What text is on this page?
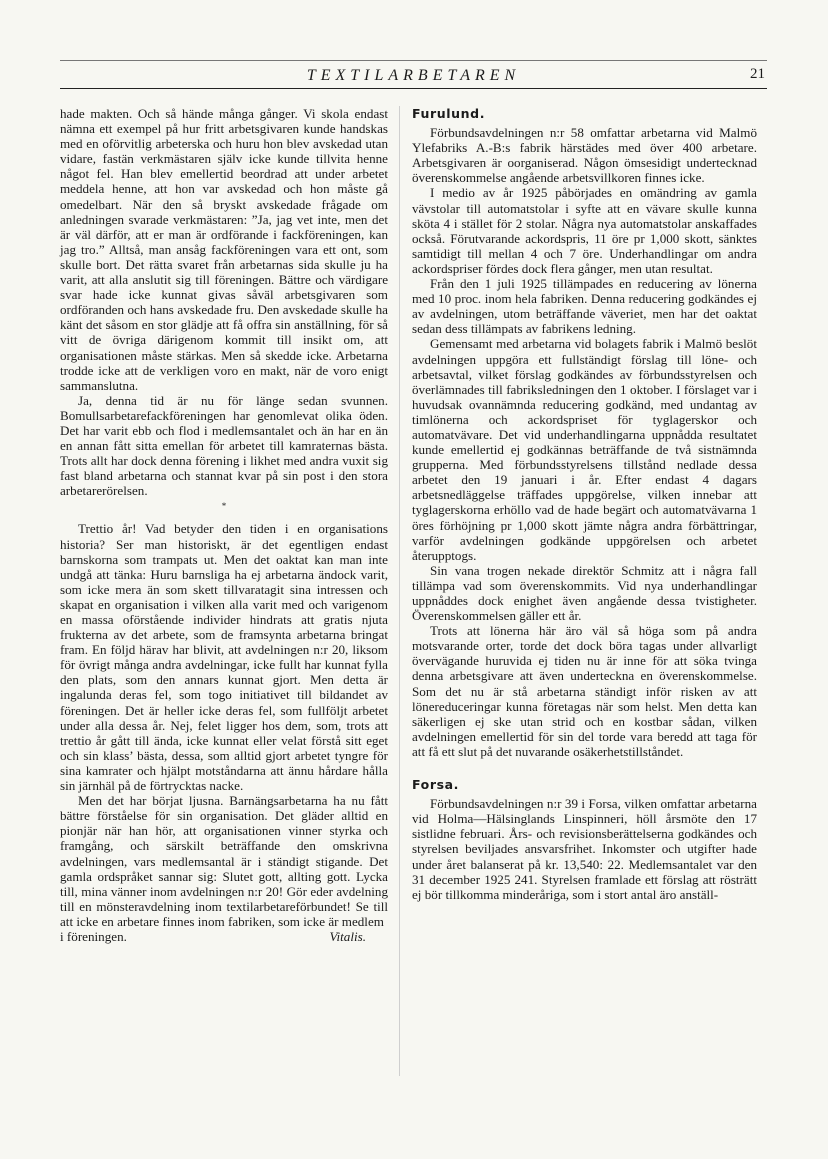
TEXTILARBETAREN	21

hade makten. Och så hände många gånger. Vi skola endast nämna ett exempel på hur fritt arbetsgivaren kunde handskas med en oförvitlig arbeterska och huru hon blev avskedad utan vidare, fastän verkmästaren själv icke kunde tillvita henne något fel. Han blev emellertid beordrad att under arbetet meddela henne, att hon var avskedad och hon måste gå omedelbart. När den så bryskt avskedade frågade om anledningen svarade verkmästaren: ”Ja, jag vet inte, men det är väl därför, att er man är ordförande i fackföreningen, kan jag tro.” Alltså, man ansåg fackföreningen vara ett ont, som skulle bort. Det rätta svaret från arbetarnas sida skulle ju ha varit, att alla anslutit sig till föreningen. Bättre och värdigare svar hade icke kunnat givas såväl arbetsgivaren som ordföranden och hans avskedade fru. Den avskedade skulle ha känt det såsom en stor glädje att få offra sin anställning, för så vitt de övriga därigenom kommit till insikt om, att organisationen måste stärkas. Men så skedde icke. Arbetarna trodde icke att de verkligen voro en makt, när de voro enigt sammanslutna.

Ja, denna tid är nu för länge sedan svunnen. Bomullsarbetarefackföreningen har genomlevat olika öden. Det har varit ebb och flod i medlemsantalet och än har en än en annan fått sitta emellan för arbetet till kamraternas bästa. Trots allt har dock denna förening i likhet med andra vuxit sig fast bland arbetarna och stannat kvar på sin post i den stora arbetarerörelsen.

*

Trettio år! Vad betyder den tiden i en organisations historia? Ser man historiskt, är det egentligen endast barnskorna som trampats ut. Men det oaktat kan man inte undgå att tänka: Huru barnsliga ha ej arbetarna ändock varit, som icke mera än som skett tillvaratagit sina intressen och skapat en organisation i vilken alla varit med och varigenom en massa oförstående individer hindrats att gratis njuta frukterna av det arbete, som de framsynta arbetarna bringat fram. En följd härav har blivit, att avdelningen n:r 20, liksom för övrigt många andra avdelningar, icke fullt har kunnat fylla den plats, som den annars kunnat gjort. Men detta är ingalunda deras fel, som togo initiativet till bildandet av föreningen. Det är heller icke deras fel, som fullföljt arbetet under alla dessa år. Nej, felet ligger hos dem, som, trots att trettio år gått till ända, icke kunnat eller velat förstå sitt eget och sin klass’ bästa, dessa, som alltid gjort arbetet tyngre för sina kamrater och hjälpt motståndarna att ännu hårdare hålla sin järnhäl på de förtrycktas nacke.

Men det har börjat ljusna. Barnängsarbetarna ha nu fått bättre förståelse för sin organisation. Det gläder alltid en pionjär när han hör, att organisationen vinner styrka och framgång, och särskilt beträffande den omskrivna avdelningen, vars medlemsantal är i ständigt stigande. Det gamla ordspråket sannar sig: Slutet gott, allting gott. Lycka till, mina vänner inom avdelningen n:r 20! Gör eder avdelning till en mönsteravdelning inom textilarbetareförbundet! Se till att icke en arbetare finnes inom fabriken, som icke är medlem

i föreningen.	Vitalis.
Furulund.

Förbundsavdelningen n:r 58 omfattar arbetarna vid Malmö Ylefabriks A.-B:s fabrik härstädes med över 400 arbetare. Arbetsgivaren är oorganiserad. Någon ömsesidigt undertecknad överenskommelse angående arbetsvillkoren finnes icke.

I medio av år 1925 påbörjades en omändring av gamla vävstolar till automatstolar i syfte att en vävare skulle kunna sköta 4 i stället för 2 stolar. Några nya automatstolar anskaffades också. Förutvarande ackordspris, 11 öre pr 1,000 skott, sänktes samtidigt till mellan 4 och 7 öre. Underhandlingar om andra ackordspriser fördes dock flera gånger, men utan resultat.

Från den 1 juli 1925 tillämpades en reducering av lönerna med 10 proc. inom hela fabriken. Denna reducering godkändes ej av avdelningen, utom beträffande väveriet, men har det oaktat sedan dess tillämpats av fabrikens ledning.

Gemensamt med arbetarna vid bolagets fabrik i Malmö beslöt avdelningen uppgöra ett fullständigt förslag till löne- och arbetsavtal, vilket förslag godkändes av förbundsstyrelsen och överlämnades till fabriksledningen den 1 oktober. I förslaget var i huvudsak ovannämnda reducering godkänd, med undantag av timlönerna och ackordspriset för tyglagerskor och automatvävare. Det vid underhandlingarna uppnådda resultatet kunde emellertid ej godkännas beträffande de två sistnämnda grupperna. Med förbundsstyrelsens tillstånd nedlade dessa arbetet den 19 januari i år. Efter endast 4 dagars arbetsnedläggelse träffades uppgörelse, vilken innebar att tyglagerskorna erhöllo vad de hade begärt och automatvävarna 1 öres förhöjning pr 1,000 skott jämte några andra förbättringar, varför avdelningen godkände uppgörelsen och arbetet återupptogs.

Sin vana trogen nekade direktör Schmitz att i några fall tillämpa vad som överenskommits. Vid nya underhandlingar uppnåddes dock enighet även angående dessa tvistigheter. Överenskommelsen gäller ett år.

Trots att lönerna här äro väl så höga som på andra motsvarande orter, torde det dock böra tagas under allvarligt övervägande huruvida ej tiden nu är inne för att söka tvinga denna arbetsgivare att även underteckna en överenskommelse. Som det nu är stå arbetarna ständigt inför risken av att lönereduceringar kunna företagas när som helst. Men detta kan säkerligen ej ske utan strid och en kostbar sådan, vilken avdelningen emellertid för sin del torde vara beredd att taga för att få ett slut på det nuvarande osäkerhetstillståndet.

Forsa.

Förbundsavdelningen n:r 39 i Forsa, vilken omfattar arbetarna vid Holma—Hälsinglands Linspinneri, höll årsmöte den 17 sistlidne februari. Års- och revisionsberättelserna godkändes och styrelsen beviljades ansvarsfrihet. Inkomster och utgifter hade under året balanserat på kr. 13,540: 22. Medlemsantalet var den 31 december 1925 241. Styrelsen framlade ett förslag att rösträtt ej bör tillkomma minderåriga, som i stort antal äro anställ-
